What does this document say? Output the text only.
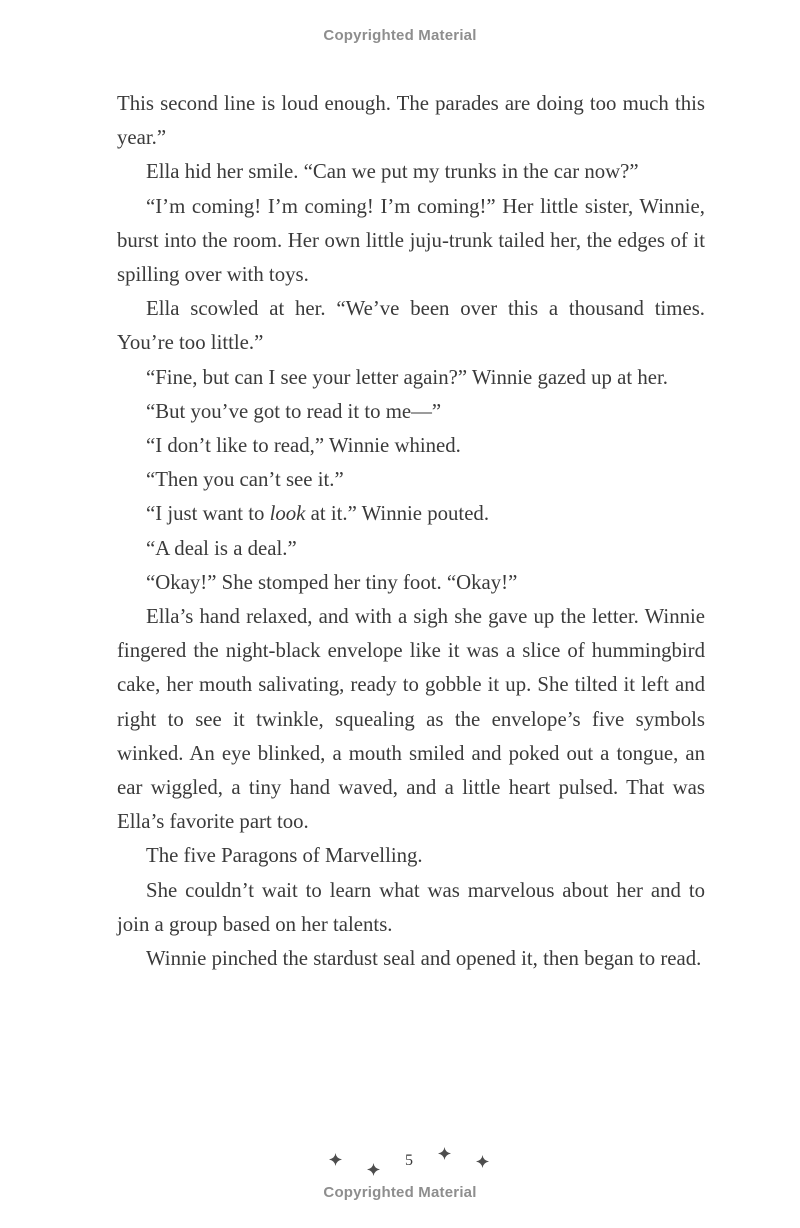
Copyrighted Material

This second line is loud enough. The parades are doing too much this year.”

Ella hid her smile. “Can we put my trunks in the car now?”

“I’m coming! I’m coming! I’m coming!” Her little sister, Winnie, burst into the room. Her own little juju-trunk tailed her, the edges of it spilling over with toys.

Ella scowled at her. “We’ve been over this a thousand times. You’re too little.”

“Fine, but can I see your letter again?” Winnie gazed up at her.

“But you’ve got to read it to me—”

“I don’t like to read,” Winnie whined.

“Then you can’t see it.”

“I just want to look at it.” Winnie pouted.

“A deal is a deal.”

“Okay!” She stomped her tiny foot. “Okay!”

Ella’s hand relaxed, and with a sigh she gave up the letter. Winnie fingered the night-black envelope like it was a slice of hummingbird cake, her mouth salivating, ready to gobble it up. She tilted it left and right to see it twinkle, squealing as the envelope’s five symbols winked. An eye blinked, a mouth smiled and poked out a tongue, an ear wiggled, a tiny hand waved, and a little heart pulsed. That was Ella’s favorite part too.

The five Paragons of Marvelling.

She couldn’t wait to learn what was marvelous about her and to join a group based on her talents.

Winnie pinched the stardust seal and opened it, then began to read.

5
Copyrighted Material
